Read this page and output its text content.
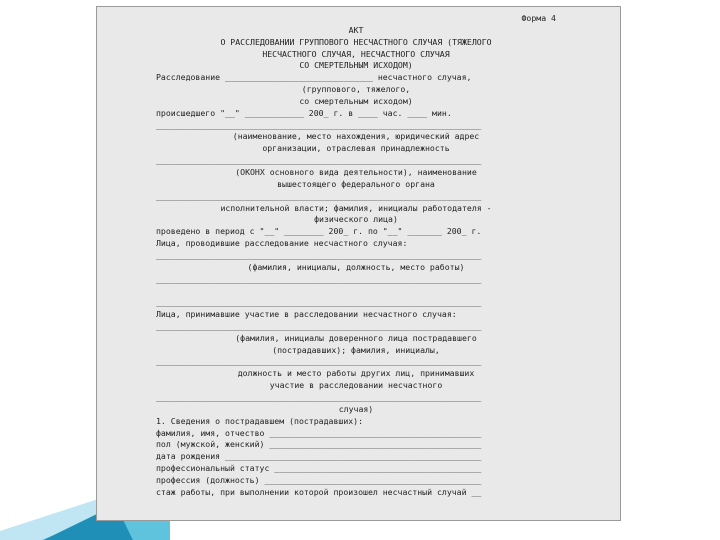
Форма 4
АКТ
О РАССЛЕДОВАНИИ ГРУППОВОГО НЕСЧАСТНОГО СЛУЧАЯ (ТЯЖЕЛОГО
НЕСЧАСТНОГО СЛУЧАЯ, НЕСЧАСТНОГО СЛУЧАЯ
СО СМЕРТЕЛЬНЫМ ИСХОДОМ)
Расследование ______________________________ несчастного случая,
(группового, тяжелого,
со смертельным исходом)
происшедшего "__" ____________ 200_ г. в ____ час. ____ мин.
__________________________________________________________________
(наименование, место нахождения, юридический адрес
организации, отраслевая принадлежность
__________________________________________________________________
(ОКОНХ основного вида деятельности), наименование
вышестоящего федерального органа
__________________________________________________________________
исполнительной власти; фамилия, инициалы работодателя -
физического лица)
проведено в период с "__" ________ 200_ г. по "__" _______ 200_ г.
Лица, проводившие расследование несчастного случая:
__________________________________________________________________
(фамилия, инициалы, должность, место работы)
__________________________________________________________________
__________________________________________________________________
Лица, принимавшие участие в расследовании несчастного случая:
__________________________________________________________________
(фамилия, инициалы доверенного лица пострадавшего
(пострадавших); фамилия, инициалы,
__________________________________________________________________
должность и место работы других лиц, принимавших
участие в расследовании несчастного
__________________________________________________________________
случая)
1. Сведения о пострадавшем (пострадавших):
фамилия, имя, отчество ___________________________________________
пол (мужской, женский) ___________________________________________
дата рождения ____________________________________________________
профессиональный статус __________________________________________
профессия (должность) ____________________________________________
стаж работы, при выполнении которой произошел несчастный случай __
